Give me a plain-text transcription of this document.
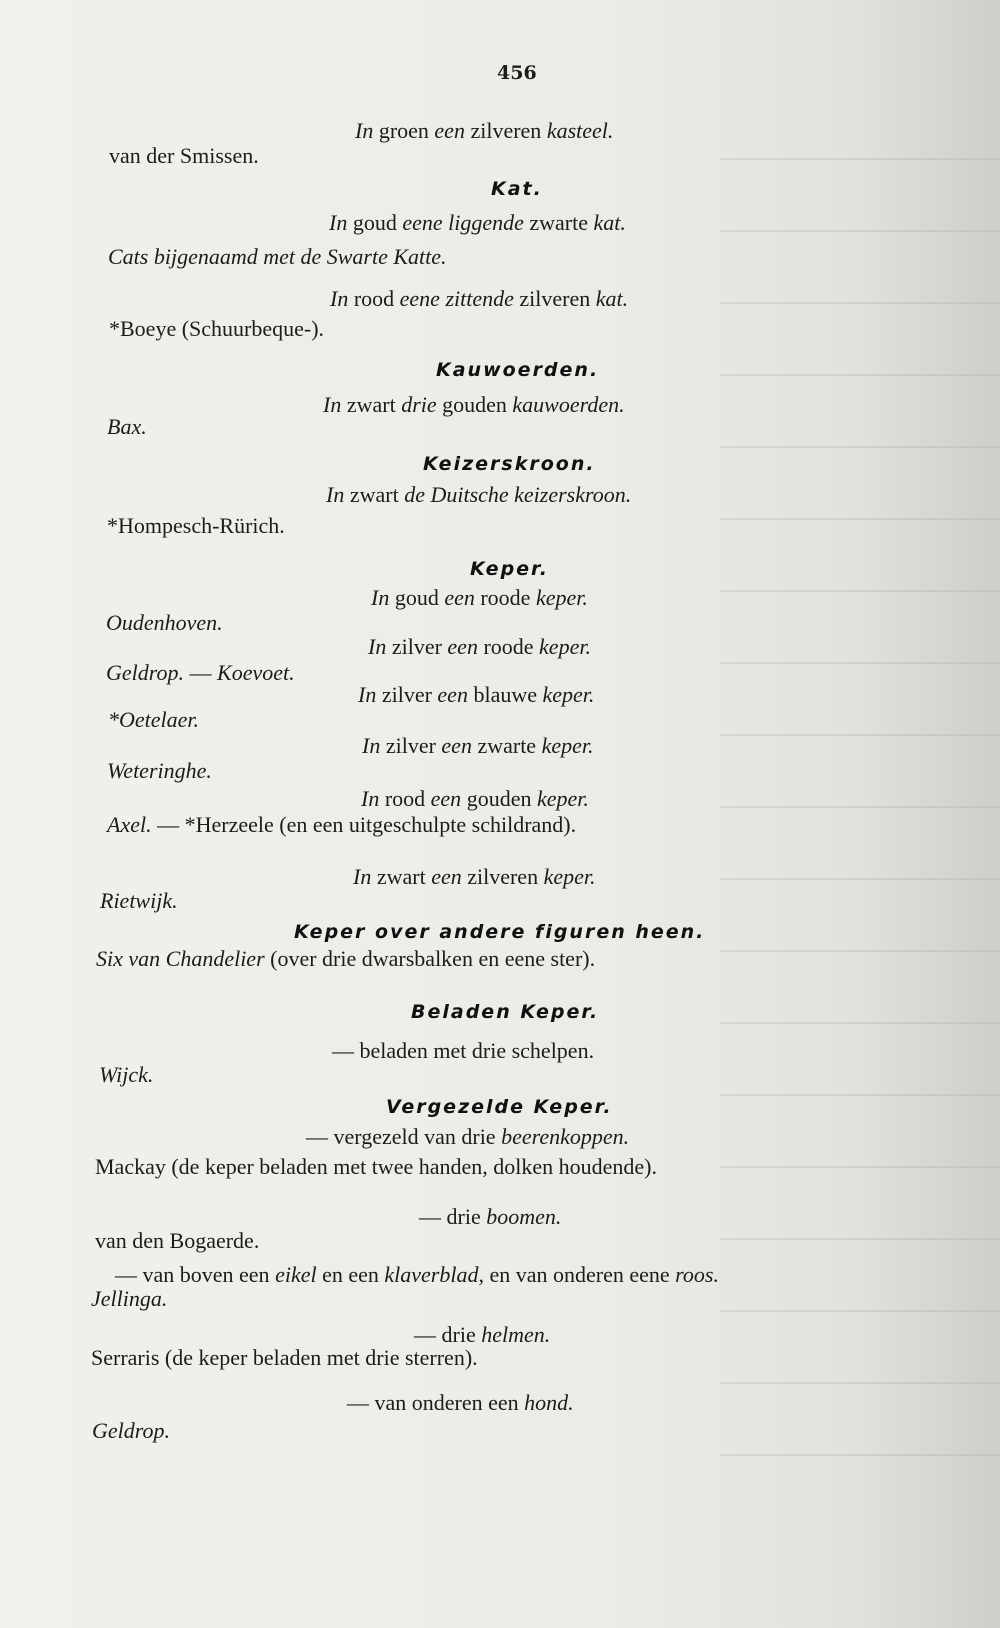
456
In groen een zilveren kasteel.
van der Smissen.
Kat.
In goud eene liggende zwarte kat.
Cats bijgenaamd met de Swarte Katte.
In rood eene zittende zilveren kat.
*Boeye (Schuurbeque-).
Kauwoerden.
In zwart drie gouden kauwoerden.
Bax.
Keizerskroon.
In zwart de Duitsche keizerskroon.
*Hompesch-Rürich.
Keper.
In goud een roode keper.
Oudenhoven.
In zilver een roode keper.
Geldrop. — Koevoet.
In zilver een blauwe keper.
*Oetelaer.
In zilver een zwarte keper.
Weteringhe.
In rood een gouden keper.
Axel. — *Herzeele (en een uitgeschulpte schildrand).
In zwart een zilveren keper.
Rietwijk.
Keper over andere figuren heen.
Six van Chandelier (over drie dwarsbalken en eene ster).
Beladen Keper.
— beladen met drie schelpen.
Wijck.
Vergezelde Keper.
— vergezeld van drie beerenkoppen.
Mackay (de keper beladen met twee handen, dolken houdende).
— drie boomen.
van den Bogaerde.
— van boven een eikel en een klaverblad, en van onderen eene roos.
Jellinga.
— drie helmen.
Serraris (de keper beladen met drie sterren).
— van onderen een hond.
Geldrop.
